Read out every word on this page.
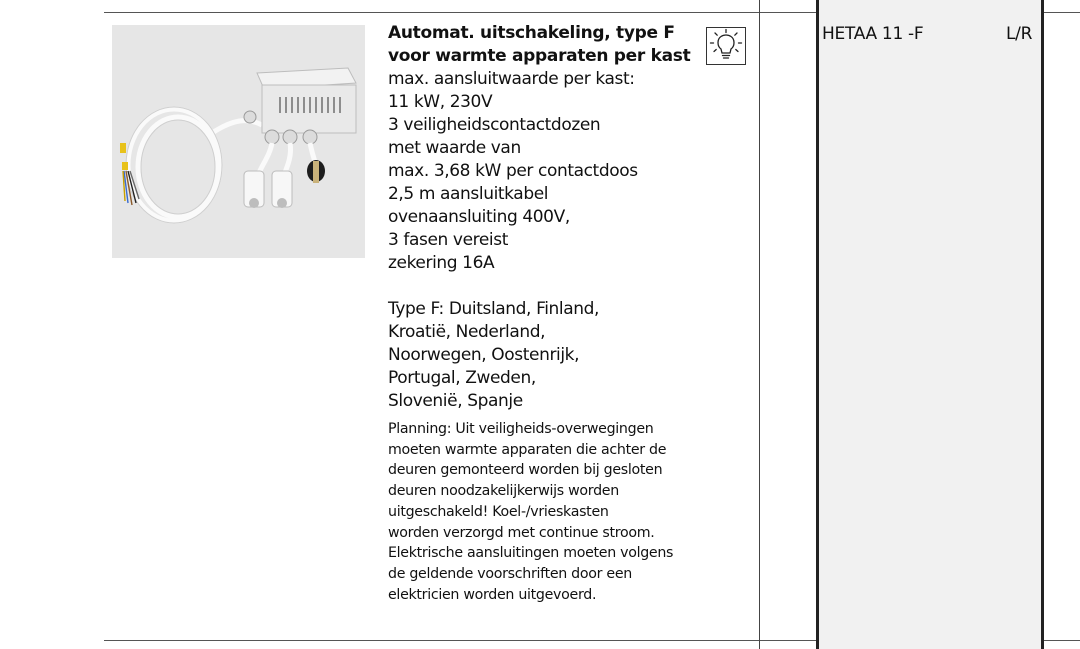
Automat. uitschakeling, type F
voor warmte apparaten per kast
max. aansluitwaarde per kast:
11 kW, 230V
3 veiligheidscontactdozen
met waarde van
max. 3,68 kW per contactdoos
2,5 m aansluitkabel
ovenaansluiting 400V,
3 fasen vereist
zekering 16A
Type F: Duitsland, Finland,
Kroatië, Nederland,
Noorwegen, Oostenrijk,
Portugal, Zweden,
Slovenië, Spanje
Planning: Uit veiligheids-overwegingen
moeten warmte apparaten die achter de
deuren gemonteerd worden bij gesloten
deuren noodzakelijkerwijs worden
uitgeschakeld! Koel-/vrieskasten
worden verzorgd met continue stroom.
Elektrische aansluitingen moeten volgens
de geldende voorschriften door een
elektricien worden uitgevoerd.
HETAA 11 -F	L/R
